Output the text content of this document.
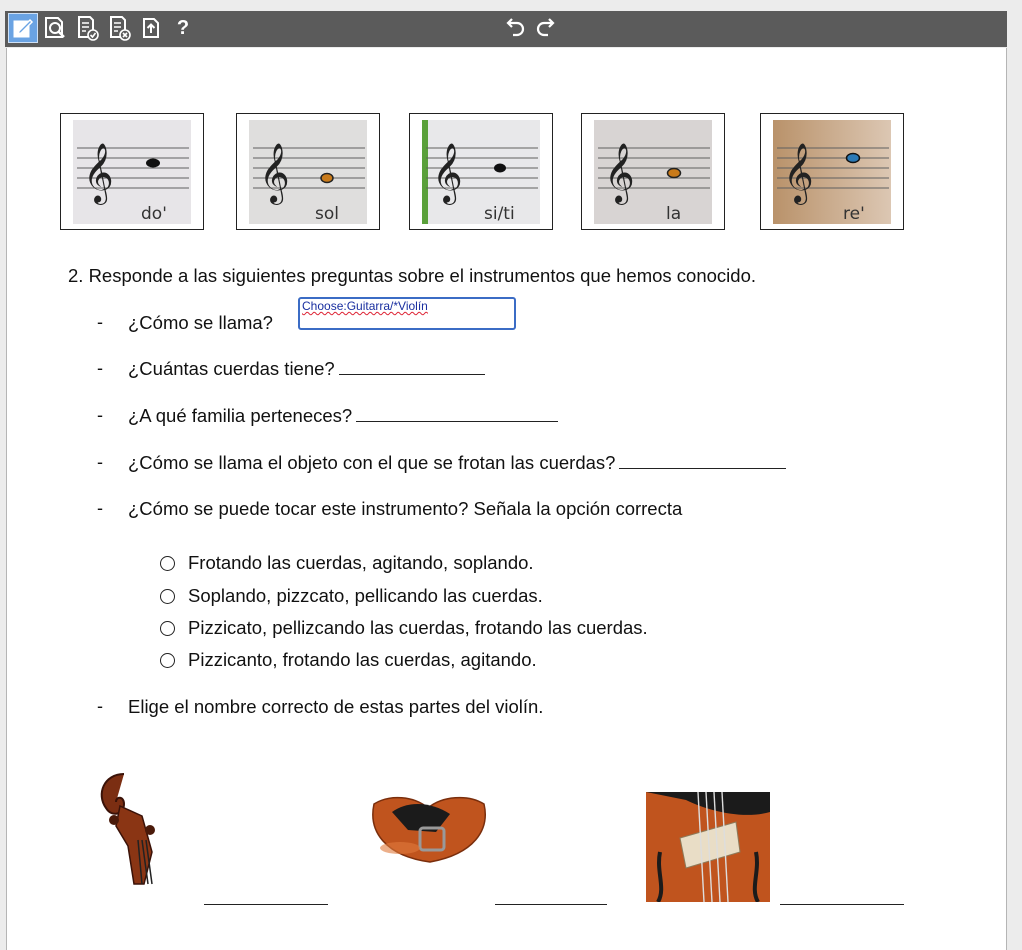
?
do'	sol	si/ti	la	re'
2. Responde a las siguientes preguntas sobre el instrumentos que hemos conocido.
- ¿Cómo se llama?
Choose:Guitarra/*Violín
- ¿Cuántas cuerdas tiene?
- ¿A qué familia perteneces?
- ¿Cómo se llama el objeto con el que se frotan las cuerdas?
- ¿Cómo se puede tocar este instrumento? Señala la opción correcta
Frotando las cuerdas, agitando, soplando.
Soplando, pizzcato, pellicando las cuerdas.
Pizzicato, pellizcando las cuerdas, frotando las cuerdas.
Pizzicanto, frotando las cuerdas, agitando.
- Elige el nombre correcto de estas partes del violín.
